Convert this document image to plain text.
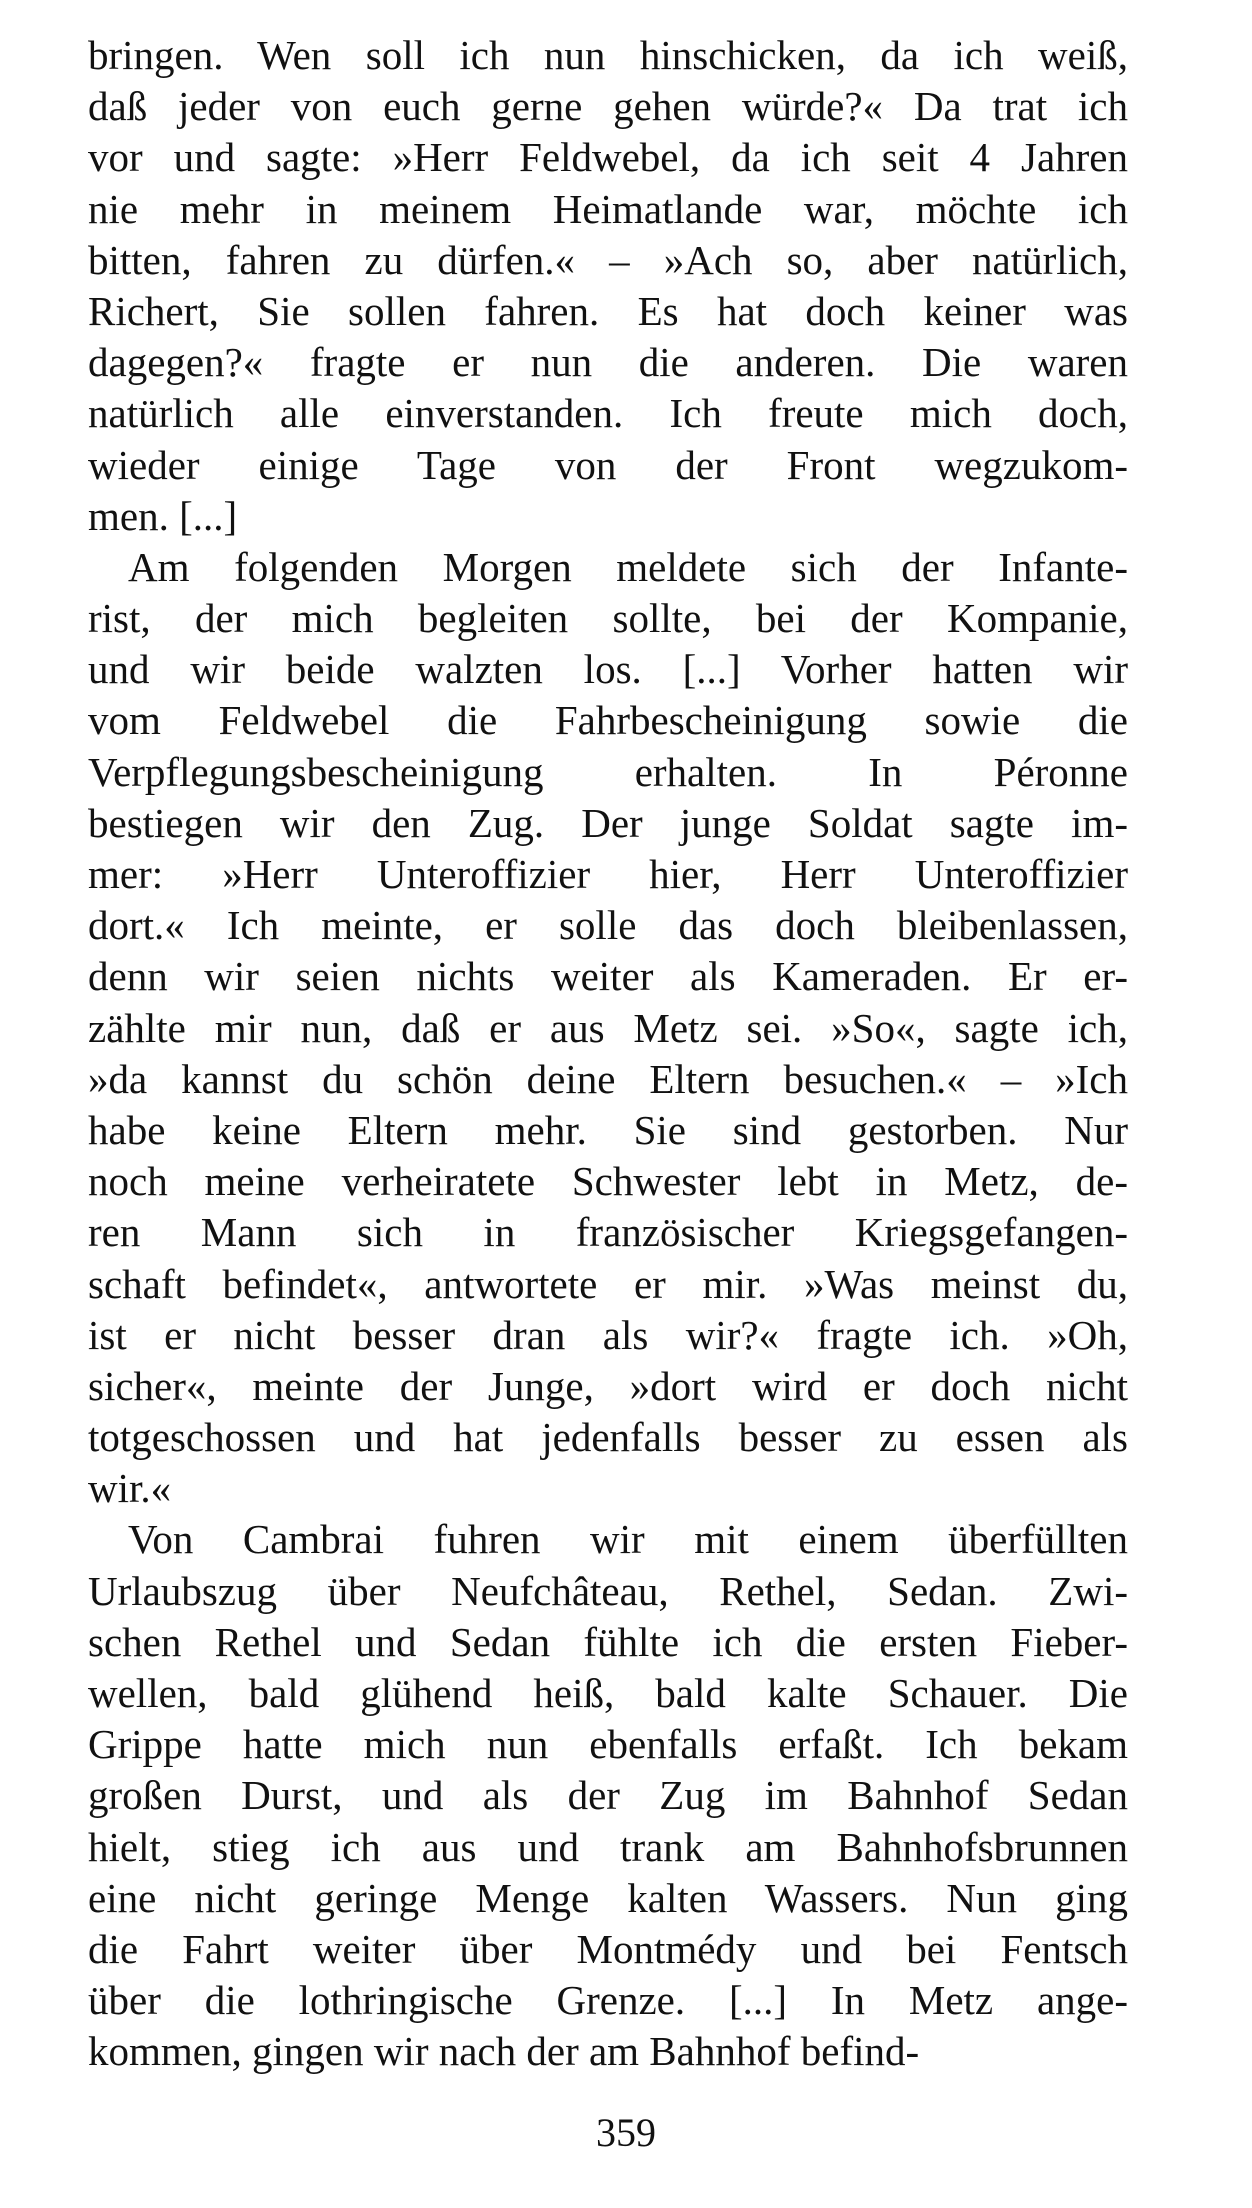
bringen. Wen soll ich nun hinschicken, da ich weiß,
daß jeder von euch gerne gehen würde?« Da trat ich
vor und sagte: »Herr Feldwebel, da ich seit 4 Jahren
nie mehr in meinem Heimatlande war, möchte ich
bitten, fahren zu dürfen.« – »Ach so, aber natürlich,
Richert, Sie sollen fahren. Es hat doch keiner was
dagegen?« fragte er nun die anderen. Die waren
natürlich alle einverstanden. Ich freute mich doch,
wieder einige Tage von der Front wegzukom-
men. [...]
Am folgenden Morgen meldete sich der Infante-
rist, der mich begleiten sollte, bei der Kompanie,
und wir beide walzten los. [...] Vorher hatten wir
vom Feldwebel die Fahrbescheinigung sowie die
Verpflegungsbescheinigung erhalten. In Péronne
bestiegen wir den Zug. Der junge Soldat sagte im-
mer: »Herr Unteroffizier hier, Herr Unteroffizier
dort.« Ich meinte, er solle das doch bleibenlassen,
denn wir seien nichts weiter als Kameraden. Er er-
zählte mir nun, daß er aus Metz sei. »So«, sagte ich,
»da kannst du schön deine Eltern besuchen.« – »Ich
habe keine Eltern mehr. Sie sind gestorben. Nur
noch meine verheiratete Schwester lebt in Metz, de-
ren Mann sich in französischer Kriegsgefangen-
schaft befindet«, antwortete er mir. »Was meinst du,
ist er nicht besser dran als wir?« fragte ich. »Oh,
sicher«, meinte der Junge, »dort wird er doch nicht
totgeschossen und hat jedenfalls besser zu essen als
wir.«
Von Cambrai fuhren wir mit einem überfüllten
Urlaubszug über Neufchâteau, Rethel, Sedan. Zwi-
schen Rethel und Sedan fühlte ich die ersten Fieber-
wellen, bald glühend heiß, bald kalte Schauer. Die
Grippe hatte mich nun ebenfalls erfaßt. Ich bekam
großen Durst, und als der Zug im Bahnhof Sedan
hielt, stieg ich aus und trank am Bahnhofsbrunnen
eine nicht geringe Menge kalten Wassers. Nun ging
die Fahrt weiter über Montmédy und bei Fentsch
über die lothringische Grenze. [...] In Metz ange-
kommen, gingen wir nach der am Bahnhof befind-
359
